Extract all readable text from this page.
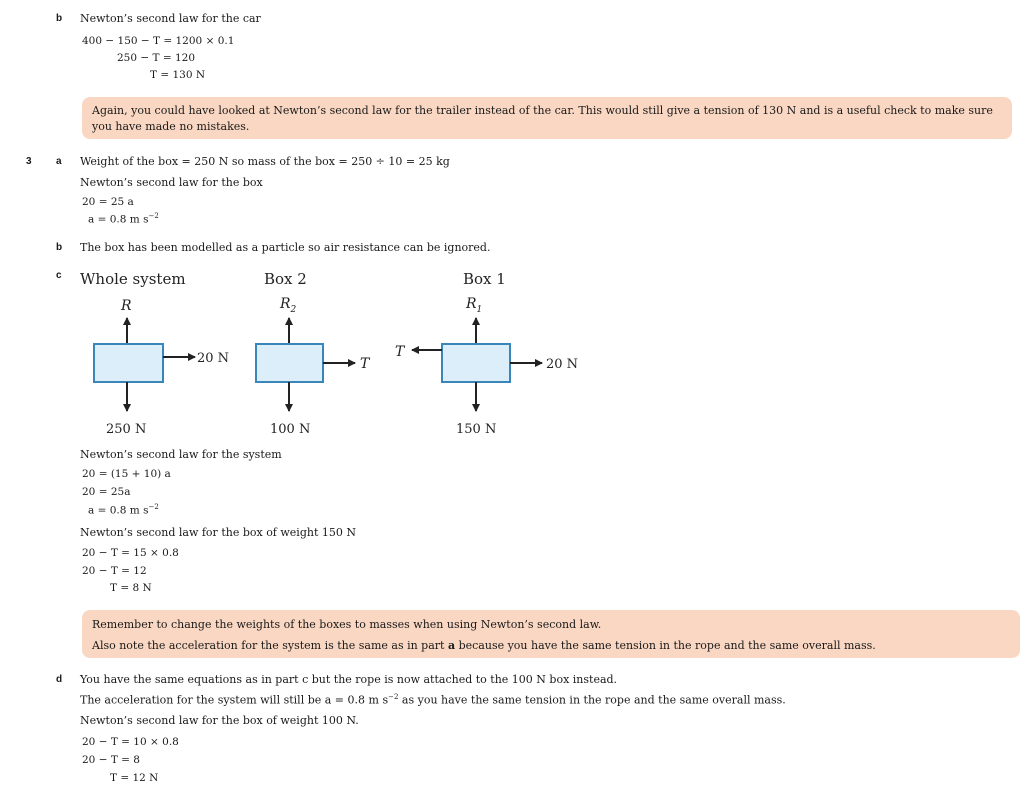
b Newton’s second law for the car
400 − 150 − T = 1200 × 0.1
250 − T = 120
T = 130 N
Again, you could have looked at Newton’s second law for the trailer instead of the car. This would still give a tension of 130 N and is a useful check to make sure you have made no mistakes.
3 a Weight of the box = 250 N so mass of the box = 250 ÷ 10 = 25 kg
Newton’s second law for the box
20 = 25 a
a = 0.8 m $s^{-2}$
b The box has been modelled as a particle so air resistance can be ignored.
c Whole system	Box 2	Box 1
R
20 N
250 N
$R_2$
T
100 N
$R_1$
T
20 N
150 N
Newton’s second law for the system
20 = (15 + 10) a
20 = 25a
a = 0.8 m $s^{-2}$
Newton’s second law for the box of weight 150 N
20 − T = 15 × 0.8
20 − T = 12
T = 8 N
Remember to change the weights of the boxes to masses when using Newton’s second law.
Also note the acceleration for the system is the same as in part a because you have the same tension in the rope and the same overall mass.
d You have the same equations as in part c but the rope is now attached to the 100 N box instead.
The acceleration for the system will still be a = 0.8 m $s^{-2}$ as you have the same tension in the rope and the same overall mass.
Newton’s second law for the box of weight 100 N.
20 − T = 10 × 0.8
20 − T = 8
T = 12 N
